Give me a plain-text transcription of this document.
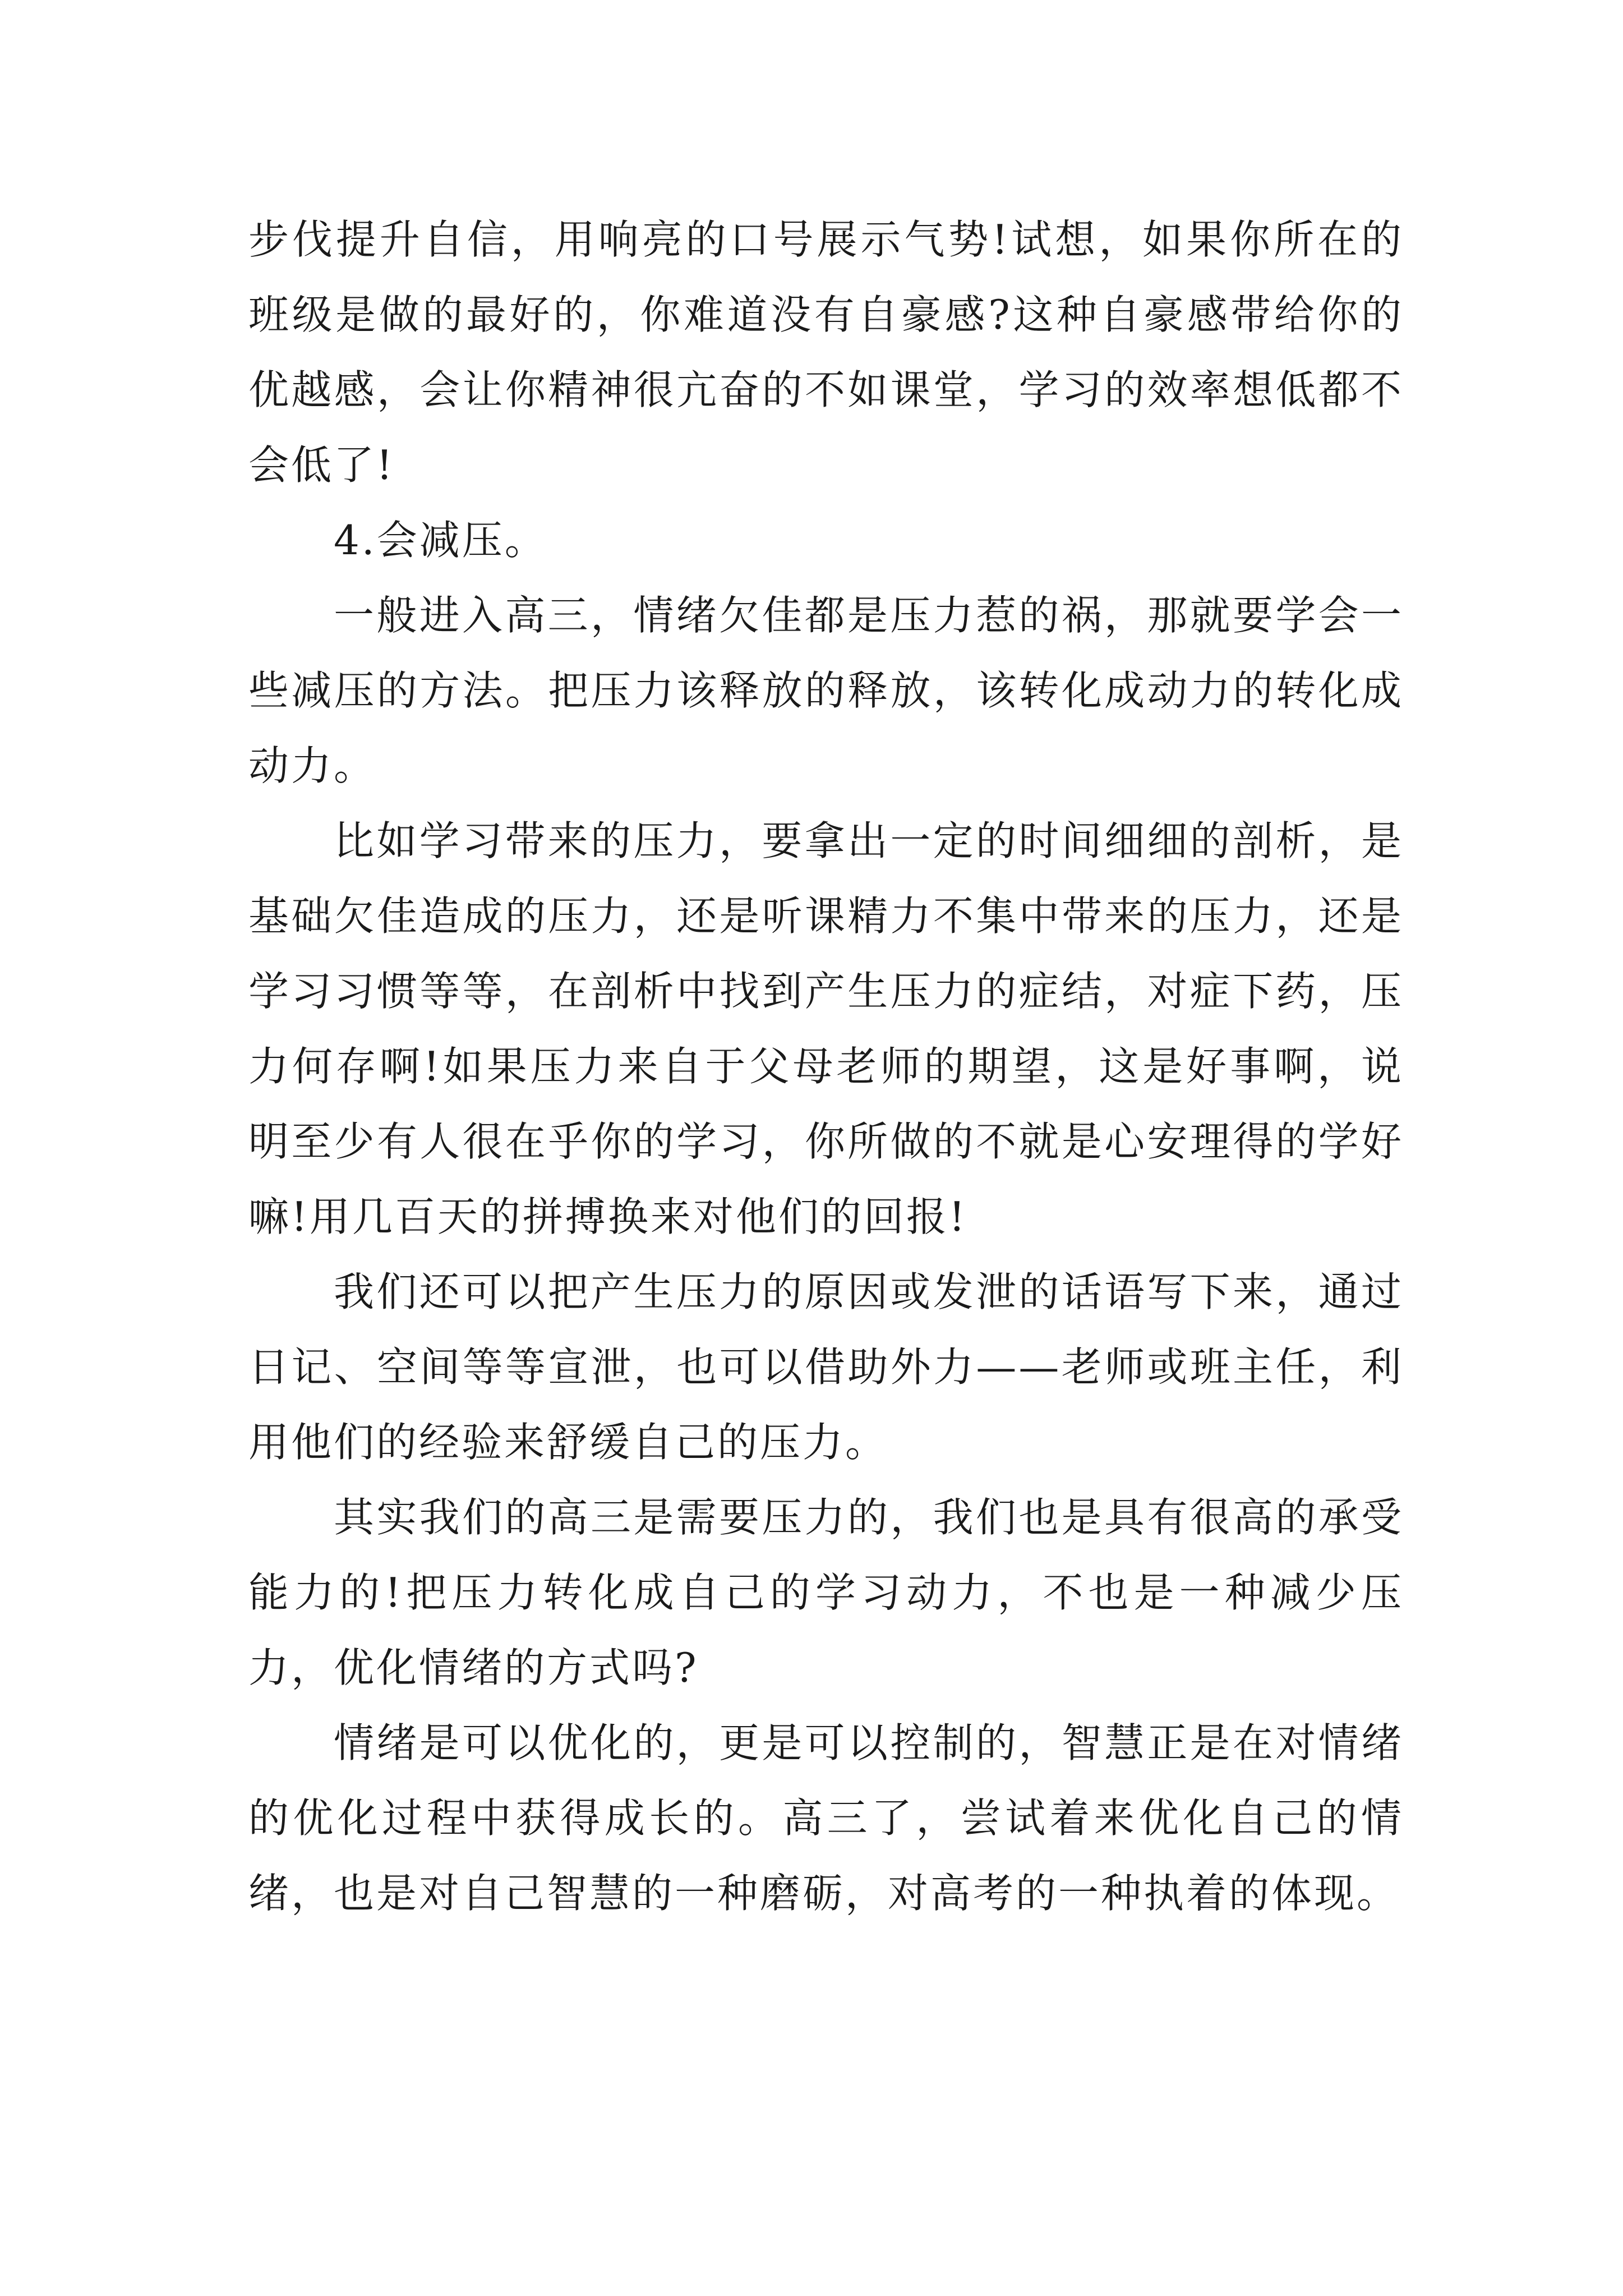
步伐提升自信，用响亮的口号展示气势!试想，如果你所在的班级是做的最好的，你难道没有自豪感?这种自豪感带给你的优越感，会让你精神很亢奋的不如课堂，学习的效率想低都不会低了!

4.会减压。

一般进入高三，情绪欠佳都是压力惹的祸，那就要学会一些减压的方法。把压力该释放的释放，该转化成动力的转化成动力。

比如学习带来的压力，要拿出一定的时间细细的剖析，是基础欠佳造成的压力，还是听课精力不集中带来的压力，还是学习习惯等等，在剖析中找到产生压力的症结，对症下药，压力何存啊!如果压力来自于父母老师的期望，这是好事啊，说明至少有人很在乎你的学习，你所做的不就是心安理得的学好嘛!用几百天的拼搏换来对他们的回报!

我们还可以把产生压力的原因或发泄的话语写下来，通过日记、空间等等宣泄，也可以借助外力——老师或班主任，利用他们的经验来舒缓自己的压力。

其实我们的高三是需要压力的，我们也是具有很高的承受能力的!把压力转化成自己的学习动力，不也是一种减少压力，优化情绪的方式吗?

情绪是可以优化的，更是可以控制的，智慧正是在对情绪的优化过程中获得成长的。高三了，尝试着来优化自己的情绪，也是对自己智慧的一种磨砺，对高考的一种执着的体现。
